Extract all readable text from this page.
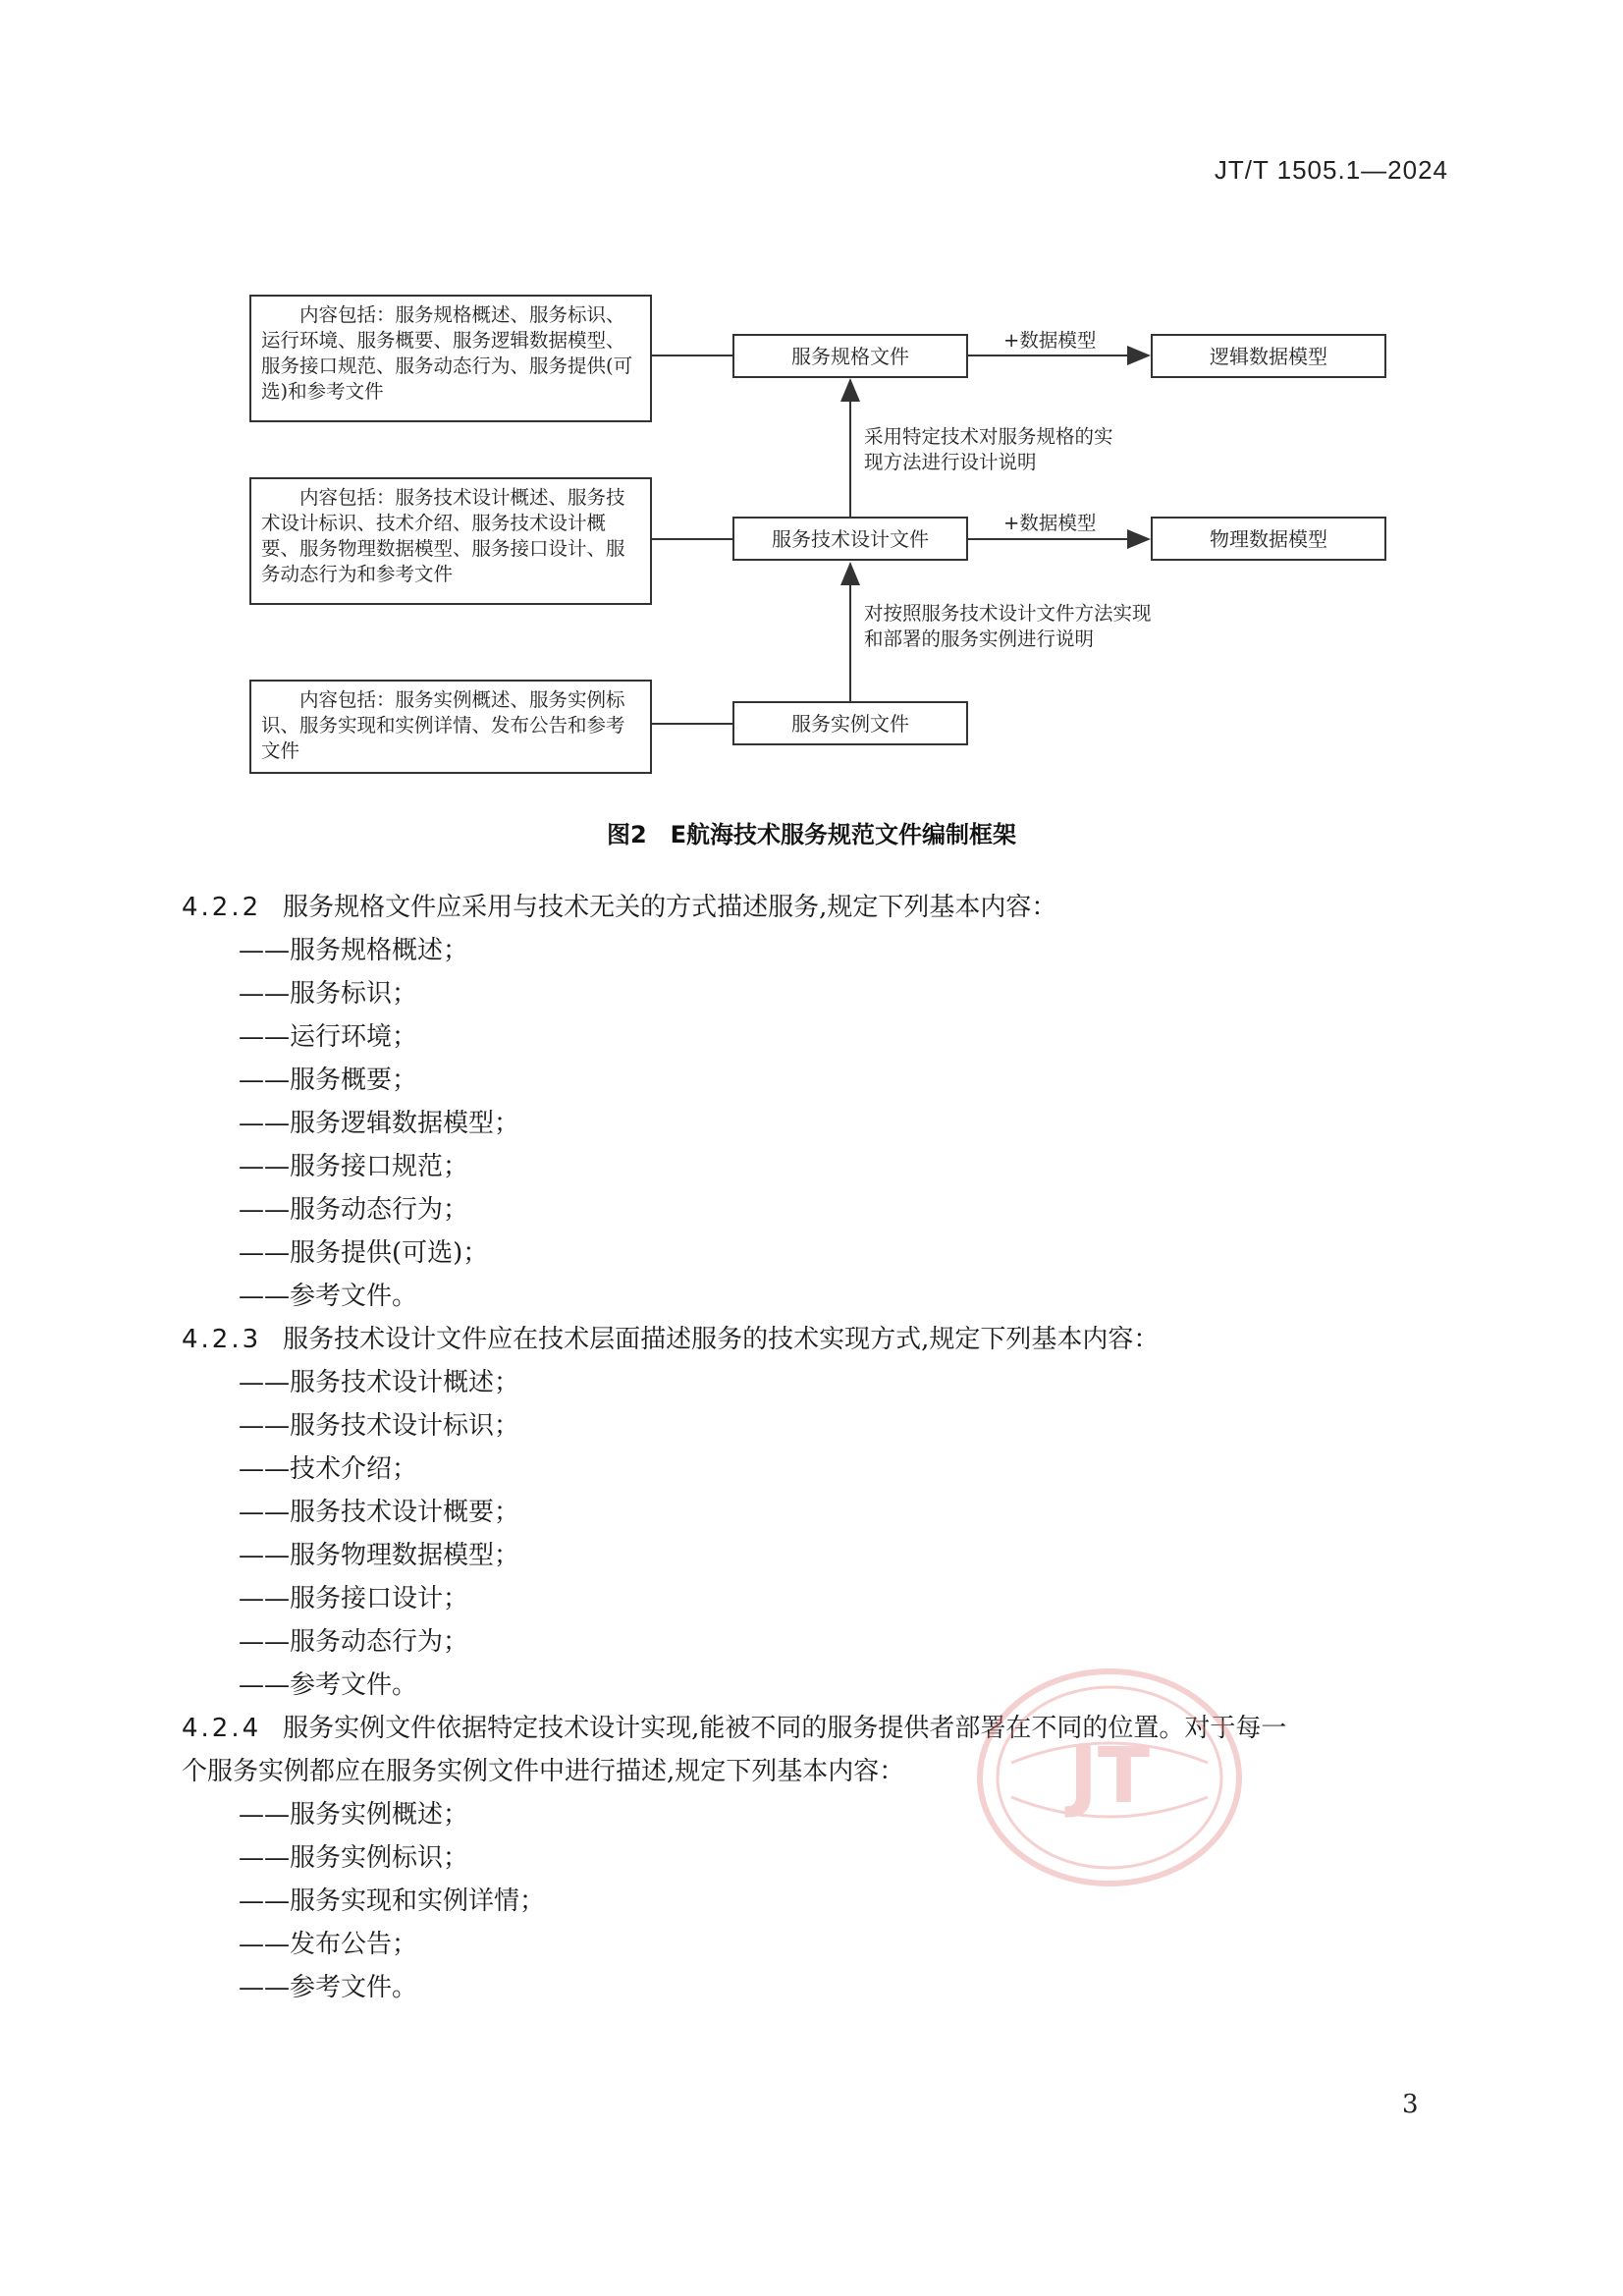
JT/T 1505.1—2024
内容包括：服务规格概述、服务标识、运行环境、服务概要、服务逻辑数据模型、服务接口规范、服务动态行为、服务提供(可选)和参考文件
内容包括：服务技术设计概述、服务技术设计标识、技术介绍、服务技术设计概要、服务物理数据模型、服务接口设计、服务动态行为和参考文件
内容包括：服务实例概述、服务实例标识、服务实现和实例详情、发布公告和参考文件
服务规格文件
服务技术设计文件
服务实例文件
逻辑数据模型
物理数据模型
+数据模型
+数据模型
采用特定技术对服务规格的实现方法进行设计说明
对按照服务技术设计文件方法实现和部署的服务实例进行说明
图2　E航海技术服务规范文件编制框架
4.2.2 服务规格文件应采用与技术无关的方式描述服务,规定下列基本内容：
——服务规格概述；
——服务标识；
——运行环境；
——服务概要；
——服务逻辑数据模型；
——服务接口规范；
——服务动态行为；
——服务提供(可选)；
——参考文件。
4.2.3 服务技术设计文件应在技术层面描述服务的技术实现方式,规定下列基本内容：
——服务技术设计概述；
——服务技术设计标识；
——技术介绍；
——服务技术设计概要；
——服务物理数据模型；
——服务接口设计；
——服务动态行为；
——参考文件。
4.2.4 服务实例文件依据特定技术设计实现,能被不同的服务提供者部署在不同的位置。对于每一
个服务实例都应在服务实例文件中进行描述,规定下列基本内容：
——服务实例概述；
——服务实例标识；
——服务实现和实例详情；
——发布公告；
——参考文件。
JT
3
